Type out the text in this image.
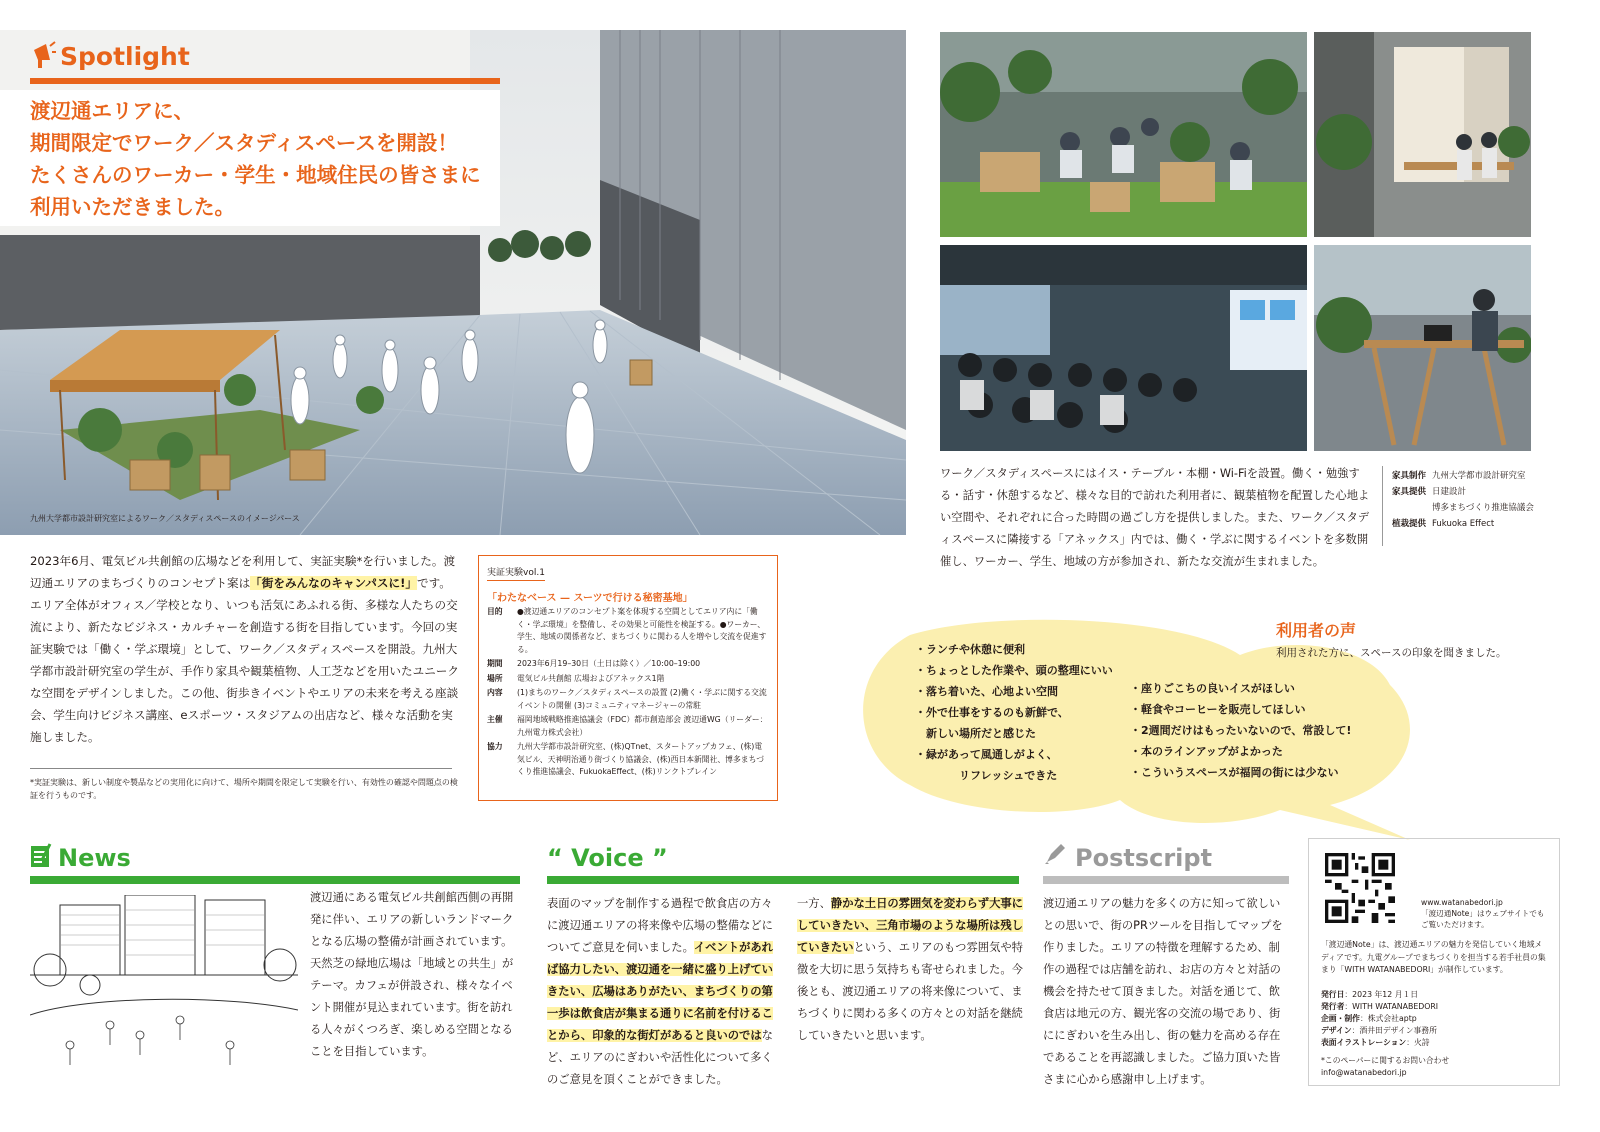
Spotlight
渡辺通エリアに、
期間限定でワーク／スタディスペースを開設！
たくさんのワーカー・学生・地域住民の皆さまに
利用いただきました。
九州大学都市設計研究室によるワーク／スタディスペースのイメージパース
ワーク／スタディスペースにはイス・テーブル・本棚・Wi-Fiを設置。働く・勉強する・話す・休憩するなど、様々な目的で訪れた利用者に、観葉植物を配置した心地よい空間や、それぞれに合った時間の過ごし方を提供しました。また、ワーク／スタディスペースに隣接する「アネックス」内では、働く・学ぶに関するイベントを多数開催し、ワーカー、学生、地域の方が参加され、新たな交流が生まれました。
家具制作 九州大学都市設計研究室
家具提供 日建設計
博多まちづくり推進協議会
植栽提供 Fukuoka Effect
2023年6月、電気ビル共創館の広場などを利用して、実証実験*を行いました。渡辺通エリアのまちづくりのコンセプト案は「街をみんなのキャンパスに!」です。エリア全体がオフィス／学校となり、いつも活気にあふれる街、多様な人たちの交流により、新たなビジネス・カルチャーを創造する街を目指しています。今回の実証実験では「働く・学ぶ環境」として、ワーク／スタディスペースを開設。九州大学都市設計研究室の学生が、手作り家具や観葉植物、人工芝などを用いたユニークな空間をデザインしました。この他、街歩きイベントやエリアの未来を考える座談会、学生向けビジネス講座、eスポーツ・スタジアムの出店など、様々な活動を実施しました。
*実証実験は、新しい制度や製品などの実用化に向けて、場所や期間を限定して実験を行い、有効性の確認や問題点の検証を行うものです。
実証実験vol.1
「わたなベース — スーツで行ける秘密基地」
目的	●渡辺通エリアのコンセプト案を体現する空間としてエリア内に「働く・学ぶ環境」を整備し、その効果と可能性を検証する。●ワーカー、学生、地域の関係者など、まちづくりに関わる人を増やし交流を促進する。
期間	2023年6月19–30日（土日は除く）／10:00–19:00
場所	電気ビル共創館 広場およびアネックス1階
内容	(1)まちのワーク／スタディスペースの設置 (2)働く・学ぶに関する交流イベントの開催 (3)コミュニティマネージャーの常駐
主催	福岡地域戦略推進協議会（FDC）都市創造部会 渡辺通WG（リーダー：九州電力株式会社）
協力	九州大学都市設計研究室、(株)QTnet、スタートアップカフェ、(株)電気ビル、天神明治通り街づくり協議会、(株)西日本新聞社、博多まちづくり推進協議会、FukuokaEffect、(株)リンクトブレイン
利用者の声
利用された方に、スペースの印象を聞きました。
・ランチや休憩に便利
・ちょっとした作業や、頭の整理にいい
・落ち着いた、心地よい空間
・外で仕事をするのも新鮮で、
　新しい場所だと感じた
・緑があって風通しがよく、
　　　　リフレッシュできた
・座りごこちの良いイスがほしい
・軽食やコーヒーを販売してほしい
・2週間だけはもったいないので、常設して!
・本のラインアップがよかった
・こういうスペースが福岡の街には少ない
News
渡辺通にある電気ビル共創館西側の再開発に伴い、エリアの新しいランドマークとなる広場の整備が計画されています。天然芝の緑地広場は「地域との共生」がテーマ。カフェが併設され、様々なイベント開催が見込まれています。街を訪れる人々がくつろぎ、楽しめる空間となることを目指しています。
“ Voice ”
表面のマップを制作する過程で飲食店の方々に渡辺通エリアの将来像や広場の整備などについてご意見を伺いました。イベントがあれば協力したい、渡辺通を一緒に盛り上げていきたい、広場はありがたい、まちづくりの第一歩は飲食店が集まる通りに名前を付けることから、印象的な街灯があると良いのではなど、エリアのにぎわいや活性化について多くのご意見を頂くことができました。
一方、静かな土日の雰囲気を変わらず大事にしていきたい、三角市場のような場所は残していきたいという、エリアのもつ雰囲気や特徴を大切に思う気持ちも寄せられました。今後とも、渡辺通エリアの将来像について、まちづくりに関わる多くの方々との対話を継続していきたいと思います。
Postscript
渡辺通エリアの魅力を多くの方に知って欲しいとの思いで、街のPRツールを目指してマップを作りました。エリアの特徴を理解するため、制作の過程では店舗を訪れ、お店の方々と対話の機会を持たせて頂きました。対話を通じて、飲食店は地元の方、観光客の交流の場であり、街ににぎわいを生み出し、街の魅力を高める存在であることを再認識しました。ご協力頂いた皆さまに心から感謝申し上げます。
www.watanabedori.jp
「渡辺通Note」はウェブサイトでもご覧いただけます。
「渡辺通Note」は、渡辺通エリアの魅力を発信していく地域メディアです。九電グループでまちづくりを担当する若手社員の集まり「WITH WATANABEDORI」が制作しています。
発行日：2023 年12 月１日
発行者：WITH WATANABEDORI
企画・制作：株式会社aptp
デザイン：酒井田デザイン事務所
表面イラストレーション：火詩
*このペーパーに関するお問い合わせ
info@watanabedori.jp
